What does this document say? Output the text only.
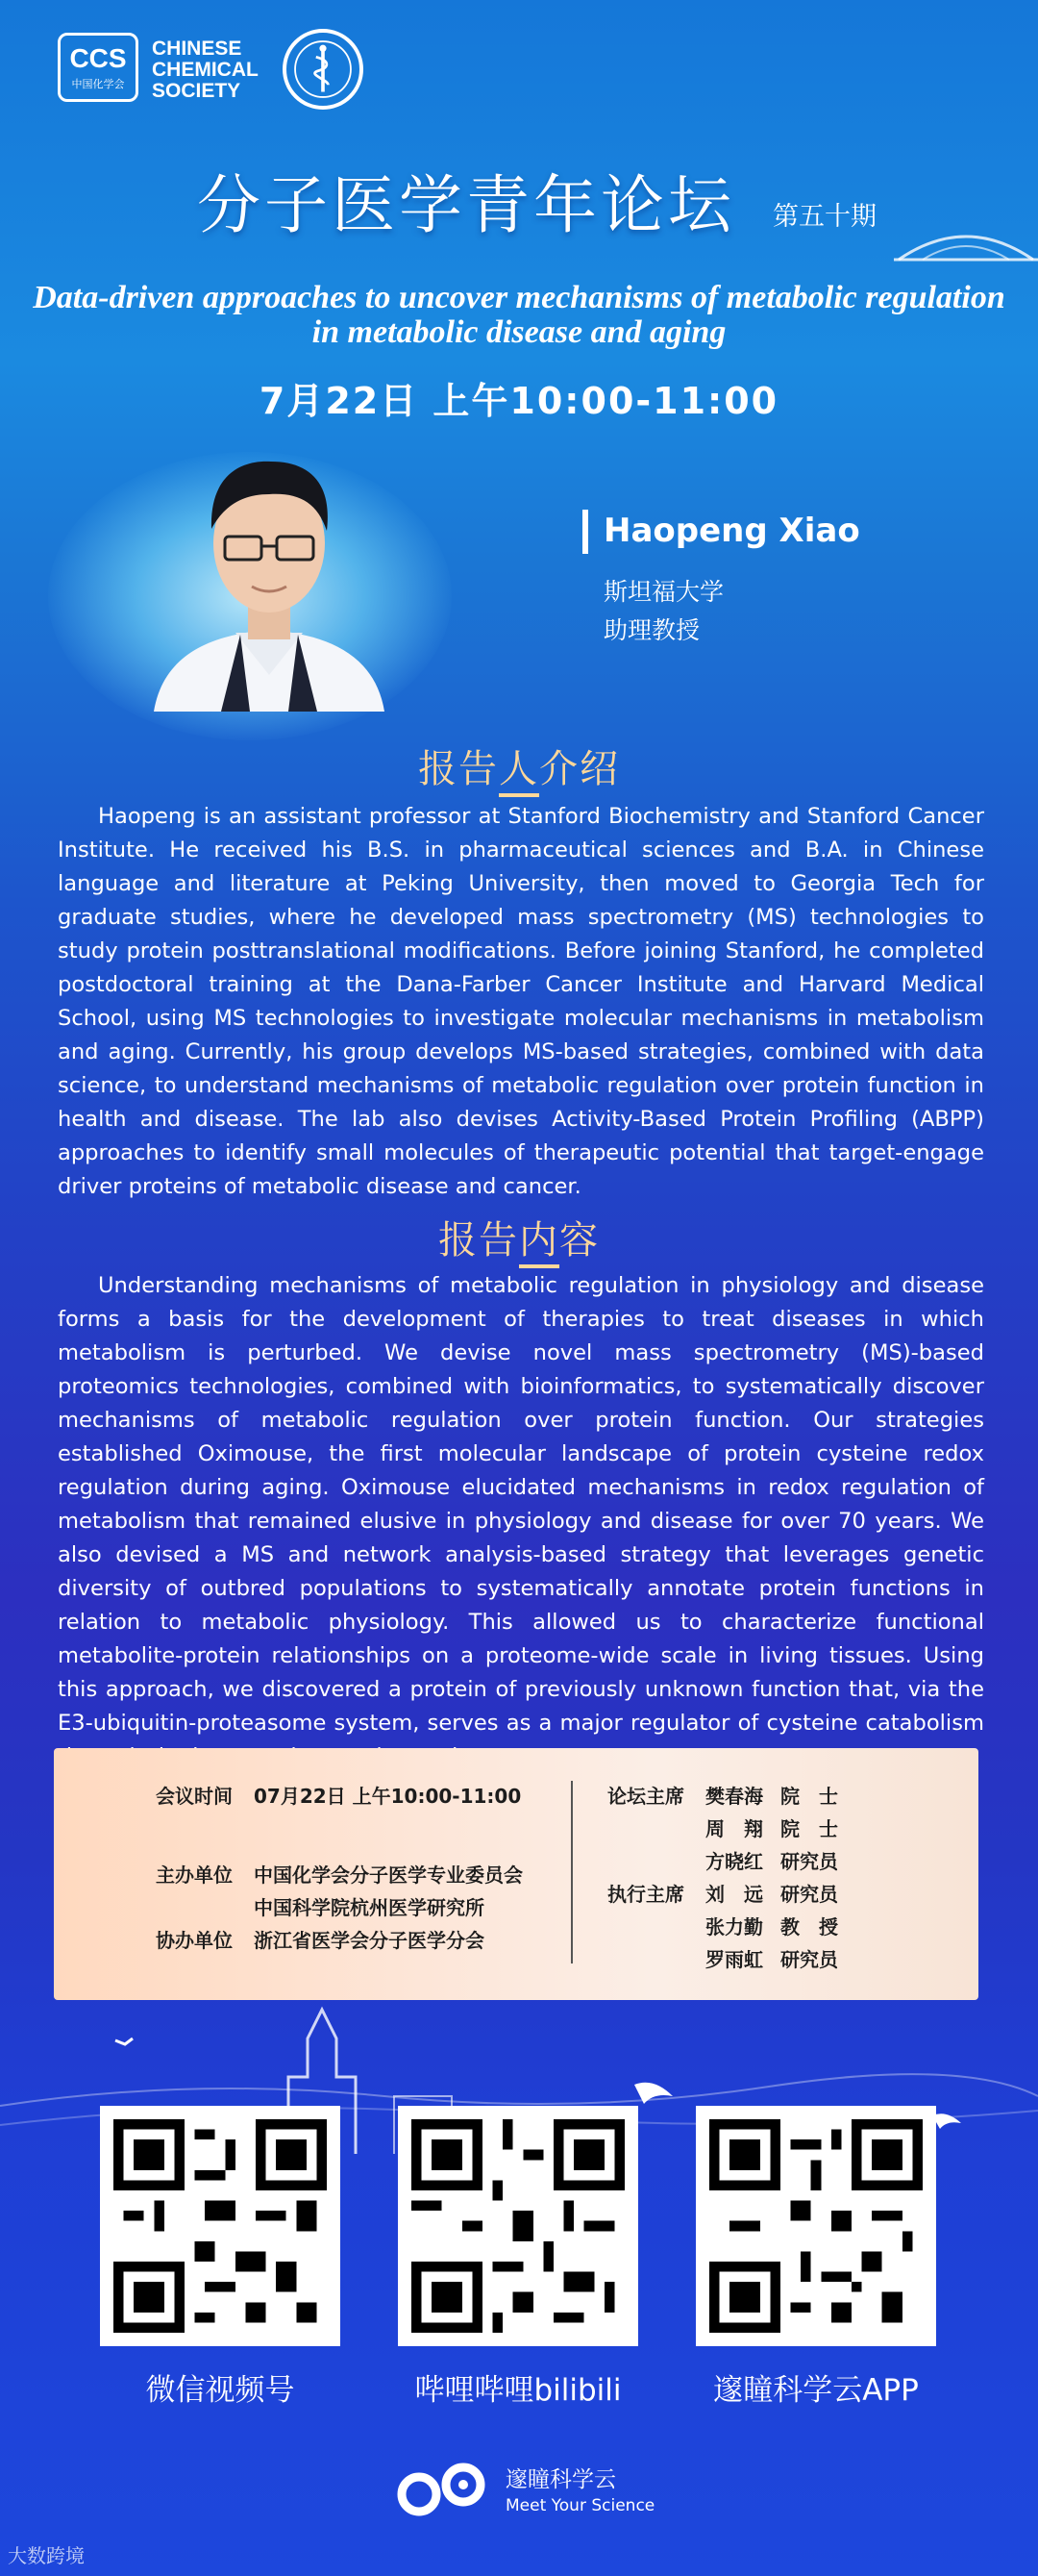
CCS
中国化学会
CHINESE
CHEMICAL
SOCIETY
分子医学青年论坛 第五十期
Data-driven approaches to uncover mechanisms of metabolic regulation
in metabolic disease and aging
7月22日 上午10:00-11:00
Haopeng Xiao
斯坦福大学
助理教授
报告人介绍

Haopeng is an assistant professor at Stanford Biochemistry and Stanford Cancer Institute. He received his B.S. in pharmaceutical sciences and B.A. in Chinese language and literature at Peking University, then moved to Georgia Tech for graduate studies, where he developed mass spectrometry (MS) technologies to study protein posttranslational modifications. Before joining Stanford, he completed postdoctoral training at the Dana-Farber Cancer Institute and Harvard Medical School, using MS technologies to investigate molecular mechanisms in metabolism and aging. Currently, his group develops MS-based strategies, combined with data science, to understand mechanisms of metabolic regulation over protein function in health and disease. The lab also devises Activity-Based Protein Profiling (ABPP) approaches to identify small molecules of therapeutic potential that target-engage driver proteins of metabolic disease and cancer.

报告内容

Understanding mechanisms of metabolic regulation in physiology and disease forms a basis for the development of therapies to treat diseases in which metabolism is perturbed. We devise novel mass spectrometry (MS)-based proteomics technologies, combined with bioinformatics, to systematically discover mechanisms of metabolic regulation over protein function. Our strategies established Oximouse, the first molecular landscape of protein cysteine redox regulation during aging. Oximouse elucidated mechanisms in redox regulation of metabolism that remained elusive in physiology and disease for over 70 years. We also devised a MS and network analysis-based strategy that leverages genetic diversity of outbred populations to systematically annotate protein functions in relation to metabolic physiology. This allowed us to characterize functional metabolite-protein relationships on a proteome-wide scale in living tissues. Using this approach, we discovered a protein of previously unknown function that, via the E3-ubiquitin-proteasome system, serves as a major regulator of cysteine catabolism

会议时间 07月22日 上午10:00-11:00
主办单位 中国化学会分子医学专业委员会
中国科学院杭州医学研究所
协办单位 浙江省医学会分子医学分会
论坛主席 樊春海 院　士
周　翔 院　士
方晓红 研究员
执行主席 刘　远 研究员
张力勤 教　授
罗雨虹 研究员
微信视频号	哔哩哔哩bilibili	邃瞳科学云APP
邃瞳科学云
Meet Your Science
大数跨境
